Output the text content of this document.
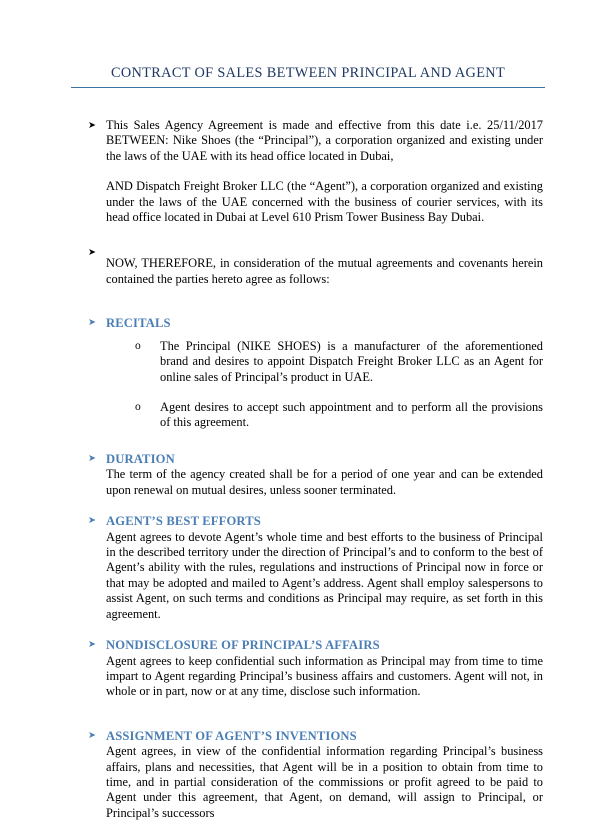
CONTRACT OF SALES BETWEEN PRINCIPAL AND AGENT
➤ This Sales Agency Agreement is made and effective from this date i.e. 25/11/2017 BETWEEN: Nike Shoes (the “Principal”), a corporation organized and existing under the laws of the UAE with its head office located in Dubai,

AND Dispatch Freight Broker LLC (the “Agent”), a corporation organized and existing under the laws of the UAE concerned with the business of courier services, with its head office located in Dubai at Level 610 Prism Tower Business Bay Dubai.

➤

NOW, THEREFORE, in consideration of the mutual agreements and covenants herein contained the parties hereto agree as follows:

➤ RECITALS
o The Principal (NIKE SHOES) is a manufacturer of the aforementioned brand and desires to appoint Dispatch Freight Broker LLC as an Agent for online sales of Principal’s product in UAE.

o Agent desires to accept such appointment and to perform all the provisions of this agreement.

➤ DURATION

The term of the agency created shall be for a period of one year and can be extended upon renewal on mutual desires, unless sooner terminated.

➤ AGENT’S BEST EFFORTS

Agent agrees to devote Agent’s whole time and best efforts to the business of Principal in the described territory under the direction of Principal’s and to conform to the best of Agent’s ability with the rules, regulations and instructions of Principal now in force or that may be adopted and mailed to Agent’s address. Agent shall employ salespersons to assist Agent, on such terms and conditions as Principal may require, as set forth in this agreement.

➤ NONDISCLOSURE OF PRINCIPAL’S AFFAIRS

Agent agrees to keep confidential such information as Principal may from time to time impart to Agent regarding Principal’s business affairs and customers. Agent will not, in whole or in part, now or at any time, disclose such information.

➤ ASSIGNMENT OF AGENT’S INVENTIONS

Agent agrees, in view of the confidential information regarding Principal’s business affairs, plans and necessities, that Agent will be in a position to obtain from time to time, and in partial consideration of the commissions or profit agreed to be paid to Agent under this agreement, that Agent, on demand, will assign to Principal, or Principal’s successors
